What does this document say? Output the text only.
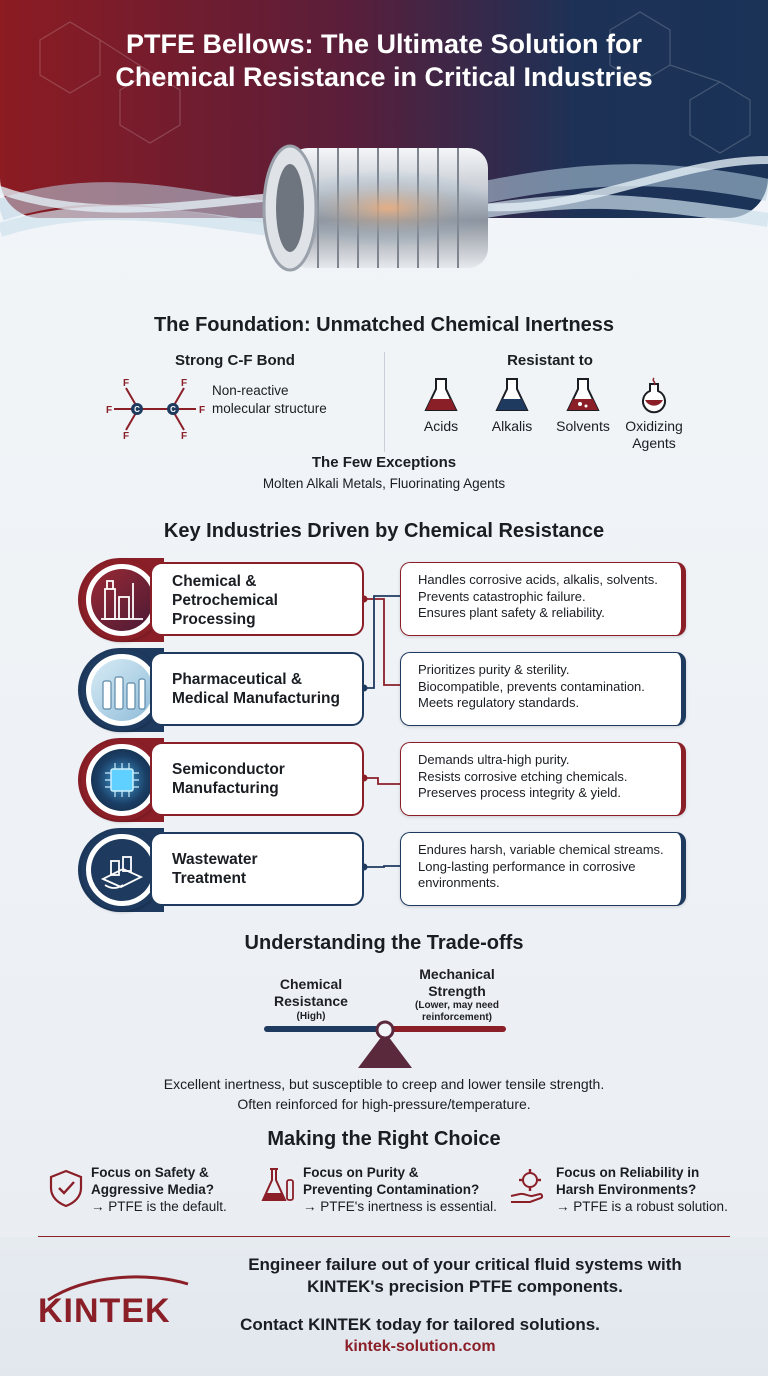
PTFE Bellows: The Ultimate Solution for
Chemical Resistance in Critical Industries
The Foundation: Unmatched Chemical Inertness
Strong C-F Bond
F
F
F
F
F
F
C	C
Non-reactive
molecular structure
Resistant to
Acids	Alkalis	Solvents	Oxidizing
Agents
The Few Exceptions
Molten Alkali Metals, Fluorinating Agents
Key Industries Driven by Chemical Resistance
Chemical &
Petrochemical
Processing
Handles corrosive acids, alkalis, solvents.
Prevents catastrophic failure.
Ensures plant safety & reliability.
Pharmaceutical &
Medical Manufacturing
Prioritizes purity & sterility.
Biocompatible, prevents contamination.
Meets regulatory standards.
Semiconductor
Manufacturing
Demands ultra-high purity.
Resists corrosive etching chemicals.
Preserves process integrity & yield.
Wastewater
Treatment
Endures harsh, variable chemical streams.
Long-lasting performance in corrosive
environments.
Understanding the Trade-offs
Chemical
Resistance
(High)
Mechanical
Strength
(Lower, may need
reinforcement)
Excellent inertness, but susceptible to creep and lower tensile strength.
Often reinforced for high-pressure/temperature.
Making the Right Choice
Focus on Safety &
Aggressive Media?
→ PTFE is the default.
Focus on Purity &
Preventing Contamination?
→ PTFE's inertness is essential.
Focus on Reliability in
Harsh Environments?
→ PTFE is a robust solution.
KINTEK
Engineer failure out of your critical fluid systems with
KINTEK's precision PTFE components.
Contact KINTEK today for tailored solutions.
kintek-solution.com
